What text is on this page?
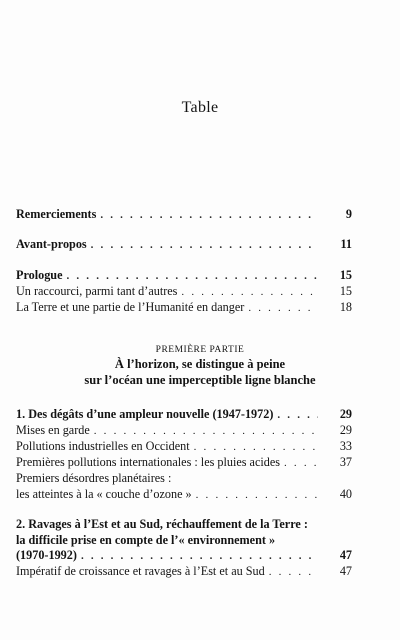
Table
Remerciements . . .	9
Avant-propos . . .	11
Prologue . . .	15
Un raccourci, parmi tant d’autres . . .	15
La Terre et une partie de l’Humanité en danger . . .	18
1. Des dégâts d’une ampleur nouvelle (1947-1972) . . .	29
Mises en garde . . .	29
Pollutions industrielles en Occident . . .	33
Premières pollutions internationales : les pluies acides . . .	37
Premiers désordres planétaires :
les atteintes à la « couche d’ozone » . . .	40
2. Ravages à l’Est et au Sud, réchauffement de la Terre :
la difficile prise en compte de l’« environnement »
(1970-1992) . . .	47
Impératif de croissance et ravages à l’Est et au Sud . . .	47
PREMIÈRE PARTIE
À l’horizon, se distingue à peine
sur l’océan une imperceptible ligne blanche
